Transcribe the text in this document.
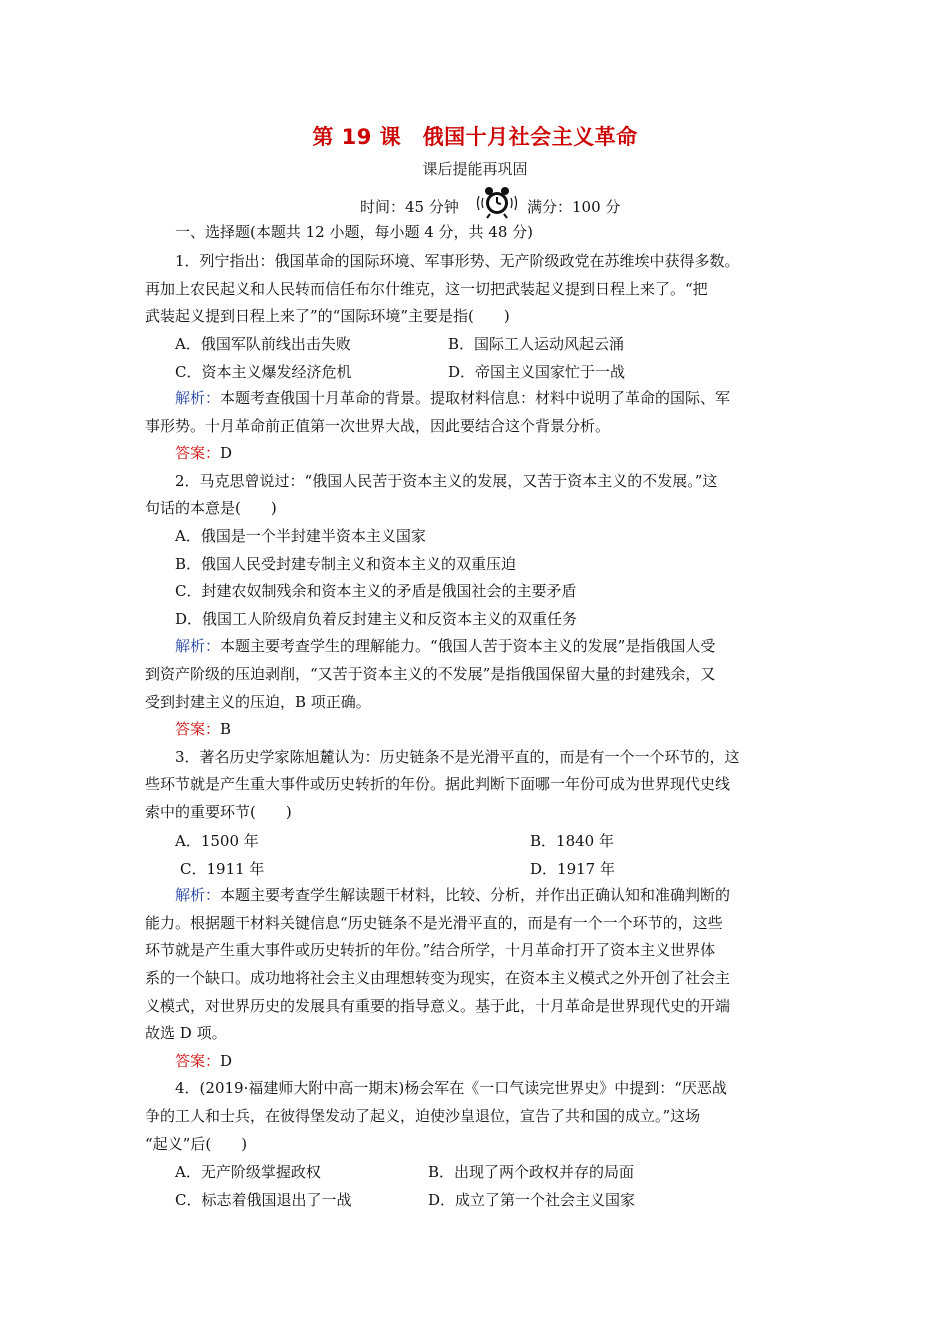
第 19 课　俄国十月社会主义革命
课后提能再巩固
时间：45 分钟	满分：100 分
一、选择题(本题共 12 小题，每小题 4 分，共 48 分)
1．列宁指出：俄国革命的国际环境、军事形势、无产阶级政党在苏维埃中获得多数。
再加上农民起义和人民转而信任布尔什维克，这一切把武装起义提到日程上来了。“把
武装起义提到日程上来了”的“国际环境”主要是指(　　)
A．俄国军队前线出击失败	B．国际工人运动风起云涌
C．资本主义爆发经济危机	D．帝国主义国家忙于一战
解析：本题考查俄国十月革命的背景。提取材料信息：材料中说明了革命的国际、军
事形势。十月革命前正值第一次世界大战，因此要结合这个背景分析。
答案：D
2．马克思曾说过：“俄国人民苦于资本主义的发展，又苦于资本主义的不发展。”这
句话的本意是(　　)
A．俄国是一个半封建半资本主义国家
B．俄国人民受封建专制主义和资本主义的双重压迫
C．封建农奴制残余和资本主义的矛盾是俄国社会的主要矛盾
D．俄国工人阶级肩负着反封建主义和反资本主义的双重任务
解析：本题主要考查学生的理解能力。“俄国人苦于资本主义的发展”是指俄国人受
到资产阶级的压迫剥削，“又苦于资本主义的不发展”是指俄国保留大量的封建残余，又
受到封建主义的压迫，B 项正确。
答案：B
3．著名历史学家陈旭麓认为：历史链条不是光滑平直的，而是有一个一个环节的，这
些环节就是产生重大事件或历史转折的年份。据此判断下面哪一年份可成为世界现代史线
索中的重要环节(　　)
A．1500 年	B．1840 年
C．1911 年	D．1917 年
解析：本题主要考查学生解读题干材料，比较、分析，并作出正确认知和准确判断的
能力。根据题干材料关键信息“历史链条不是光滑平直的，而是有一个一个环节的，这些
环节就是产生重大事件或历史转折的年份。”结合所学，十月革命打开了资本主义世界体
系的一个缺口。成功地将社会主义由理想转变为现实，在资本主义模式之外开创了社会主
义模式，对世界历史的发展具有重要的指导意义。基于此，十月革命是世界现代史的开端
故选 D 项。
答案：D
4．(2019·福建师大附中高一期末)杨会军在《一口气读完世界史》中提到：“厌恶战
争的工人和士兵，在彼得堡发动了起义，迫使沙皇退位，宣告了共和国的成立。”这场
“起义”后(　　)
A．无产阶级掌握政权	B．出现了两个政权并存的局面
C．标志着俄国退出了一战	D．成立了第一个社会主义国家
